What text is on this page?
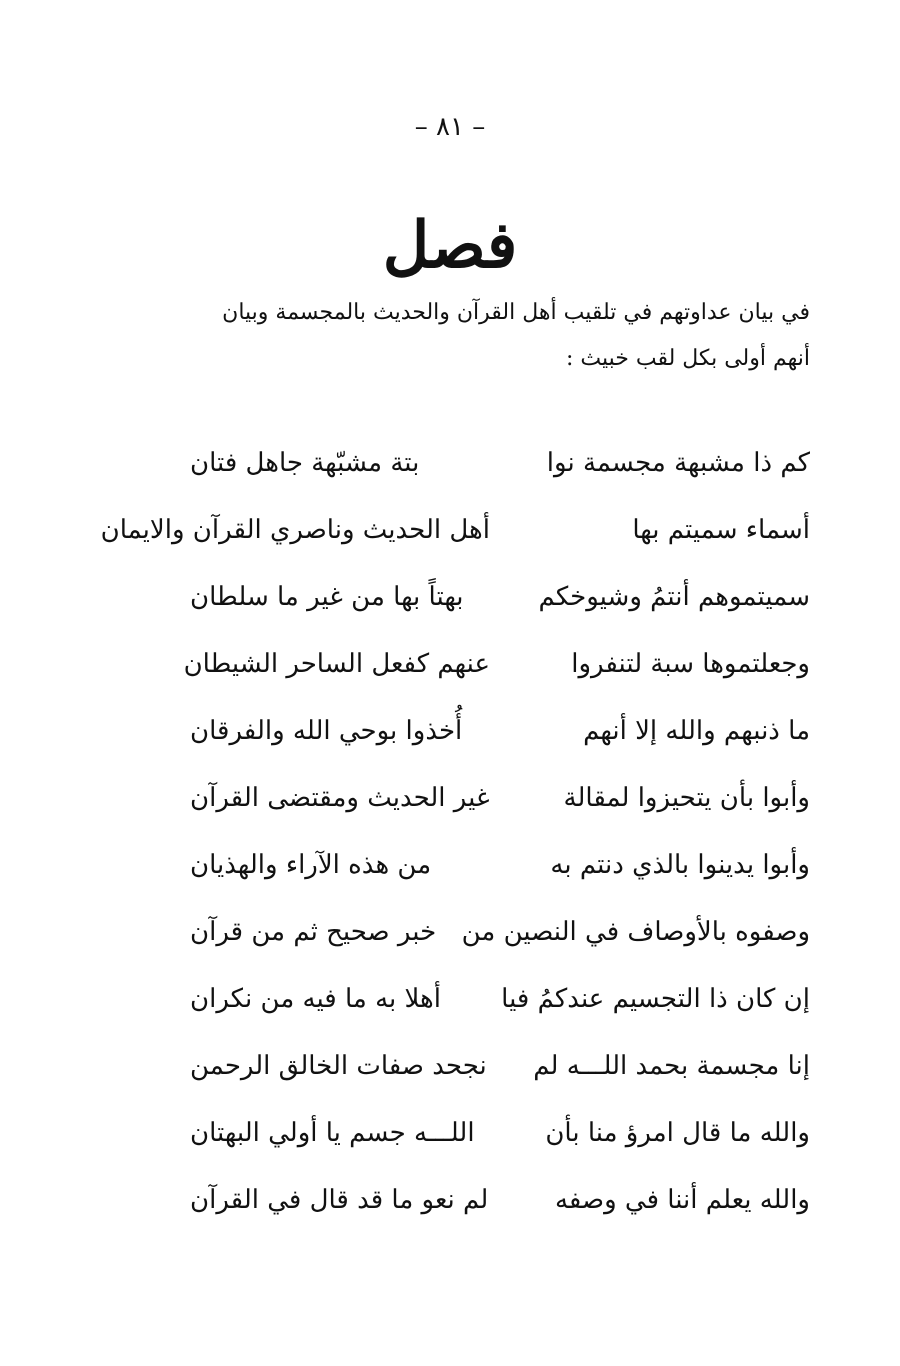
– ٨١ –
فصل
في بيان عداوتهم في تلقيب أهل القرآن والحديث بالمجسمة وبيان أنهم أولى بكل لقب خبيث :
كم ذا مشبهة مجسمة نوا
بتة مشبّهة جاهل فتان
أسماء سميتم بها
أهل الحديث وناصري القرآن والايمان
سميتموهم أنتمُ وشيوخكم
بهتاً بها من غير ما سلطان
وجعلتموها سبة لتنفروا
عنهم كفعل الساحر الشيطان
ما ذنبهم والله إلا أنهم
أُخذوا بوحي الله والفرقان
وأبوا بأن يتحيزوا لمقالة
غير الحديث ومقتضى القرآن
وأبوا يدينوا بالذي دنتم به
من هذه الآراء والهذيان
وصفوه بالأوصاف في النصين من
خبر صحيح ثم من قرآن
إن كان ذا التجسيم عندكمُ فيا
أهلا به ما فيه من نكران
إنا مجسمة بحمد اللـــه لم
نجحد صفات الخالق الرحمن
والله ما قال امرؤ منا بأن
اللـــه جسم يا أولي البهتان
والله يعلم أننا في وصفه
لم نعو ما قد قال في القرآن
